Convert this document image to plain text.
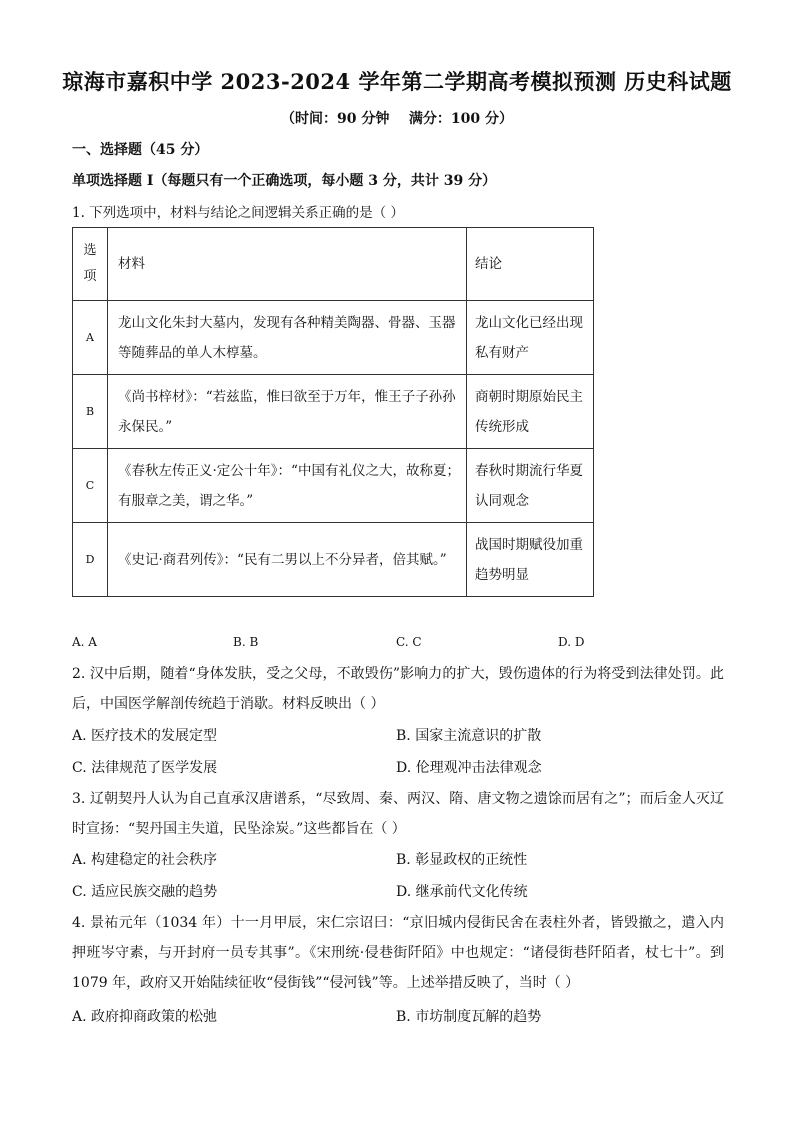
琼海市嘉积中学 2023-2024 学年第二学期高考模拟预测 历史科试题
（时间：90 分钟    满分：100 分）
一、选择题（45 分）
单项选择题 I（每题只有一个正确选项，每小题 3 分，共计 39 分）
1. 下列选项中，材料与结论之间逻辑关系正确的是（ ）
选项	材料	结论
A	龙山文化朱封大墓内，发现有各种精美陶器、骨器、玉器等随葬品的单人木椁墓。	龙山文化已经出现私有财产
B	《尚书梓材》：“若兹监，惟曰欲至于万年，惟王子子孙孙永保民。”	商朝时期原始民主传统形成
C	《春秋左传正义·定公十年》：“中国有礼仪之大，故称夏；有服章之美，谓之华。”	春秋时期流行华夏认同观念
D	《史记·商君列传》：“民有二男以上不分异者，倍其赋。”	战国时期赋役加重趋势明显
A. A	B. B	C. C	D. D
2. 汉中后期，随着“身体发肤，受之父母，不敢毁伤”影响力的扩大，毁伤遗体的行为将受到法律处罚。此后，中国医学解剖传统趋于消歇。材料反映出（ ）
A. 医疗技术的发展定型	B. 国家主流意识的扩散
C. 法律规范了医学发展	D. 伦理观冲击法律观念
3. 辽朝契丹人认为自己直承汉唐谱系，“尽致周、秦、两汉、隋、唐文物之遗馀而居有之”；而后金人灭辽时宣扬：“契丹国主失道，民坠涂炭。”这些都旨在（ ）
A. 构建稳定的社会秩序	B. 彰显政权的正统性
C. 适应民族交融的趋势	D. 继承前代文化传统
4. 景祐元年（1034 年）十一月甲辰，宋仁宗诏曰：“京旧城内侵街民舍在表柱外者，皆毁撤之，遣入内押班岑守素，与开封府一员专其事”。《宋刑统·侵巷街阡陌》中也规定：“诸侵街巷阡陌者，杖七十”。到 1079 年，政府又开始陆续征收“侵街钱”“侵河钱”等。上述举措反映了，当时（ ）
A. 政府抑商政策的松弛	B. 市坊制度瓦解的趋势
